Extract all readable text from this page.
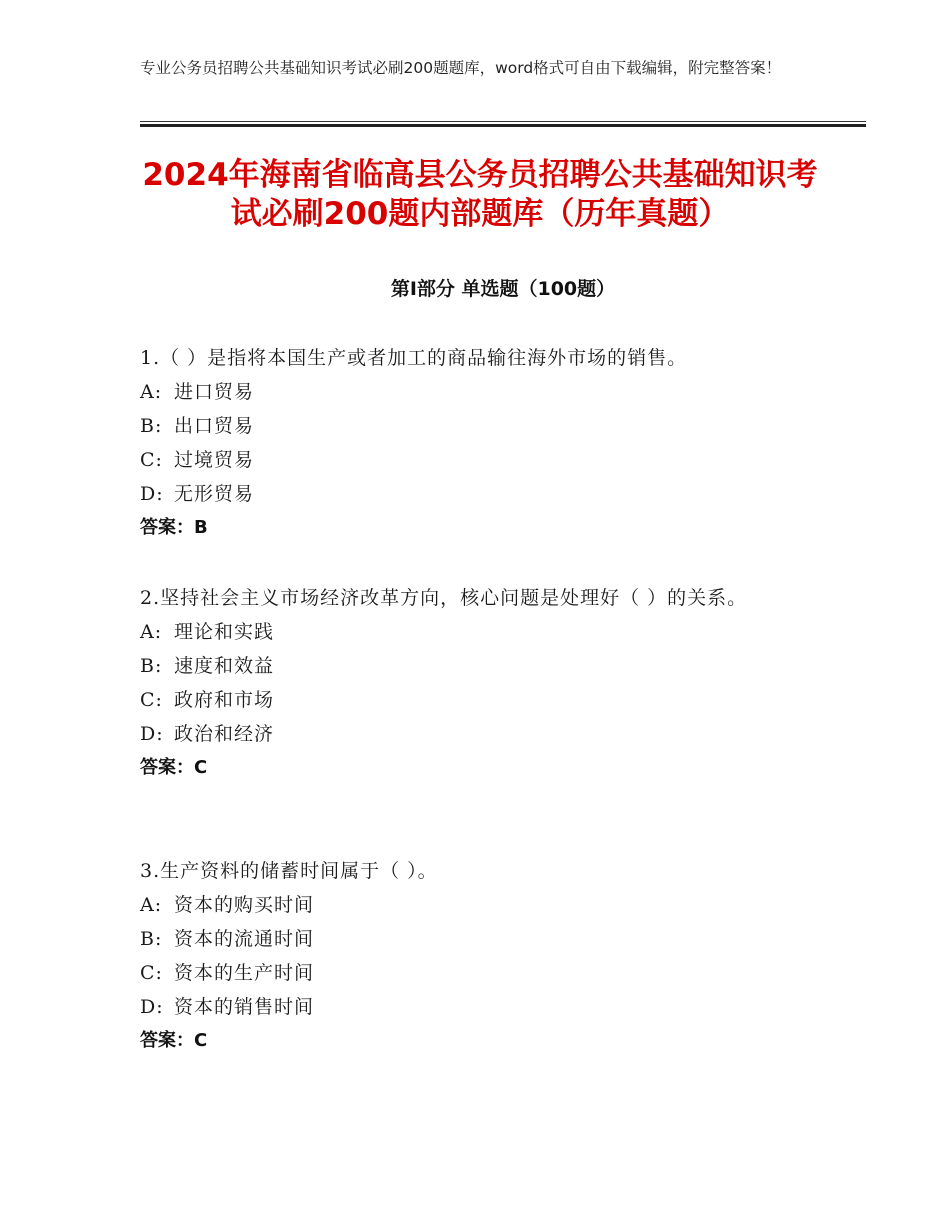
专业公务员招聘公共基础知识考试必刷200题题库，word格式可自由下载编辑，附完整答案！
2024年海南省临高县公务员招聘公共基础知识考试必刷200题内部题库（历年真题）
第Ⅰ部分 单选题（100题）

1.（ ）是指将本国生产或者加工的商品输往海外市场的销售。

A: 进口贸易

B: 出口贸易

C: 过境贸易

D: 无形贸易

答案：B

2.坚持社会主义市场经济改革方向，核心问题是处理好（ ）的关系。

A: 理论和实践

B: 速度和效益

C: 政府和市场

D: 政治和经济

答案：C

3.生产资料的储蓄时间属于（ ）。

A: 资本的购买时间

B: 资本的流通时间

C: 资本的生产时间

D: 资本的销售时间

答案：C
